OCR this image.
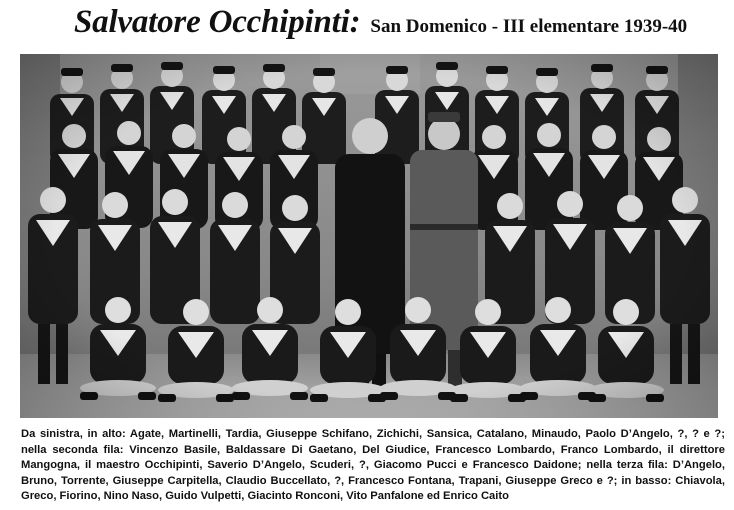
Salvatore Occhipinti: San Domenico - III elementare 1939-40
Da sinistra, in alto: Agate, Martinelli, Tardia, Giuseppe Schifano, Zichichi, Sansica, Catalano, Minaudo, Paolo D’Angelo, ?, ? e ?; nella seconda fila: Vincenzo Basile, Baldassare Di Gaetano, Del Giudice, Francesco Lombardo, Franco Lombardo, il direttore Mangogna, il maestro Occhipinti, Saverio D’Angelo, Scuderi, ?, Giacomo Pucci e Francesco Daidone; nella terza fila: D’Angelo, Bruno, Torrente, Giuseppe Carpitella, Claudio Buccellato, ?, Francesco Fontana, Trapani, Giuseppe Greco e ?; in basso: Chiavola, Greco, Fiorino, Nino Naso, Guido Vulpetti, Giacinto Ronconi, Vito Panfalone ed Enrico Caito
